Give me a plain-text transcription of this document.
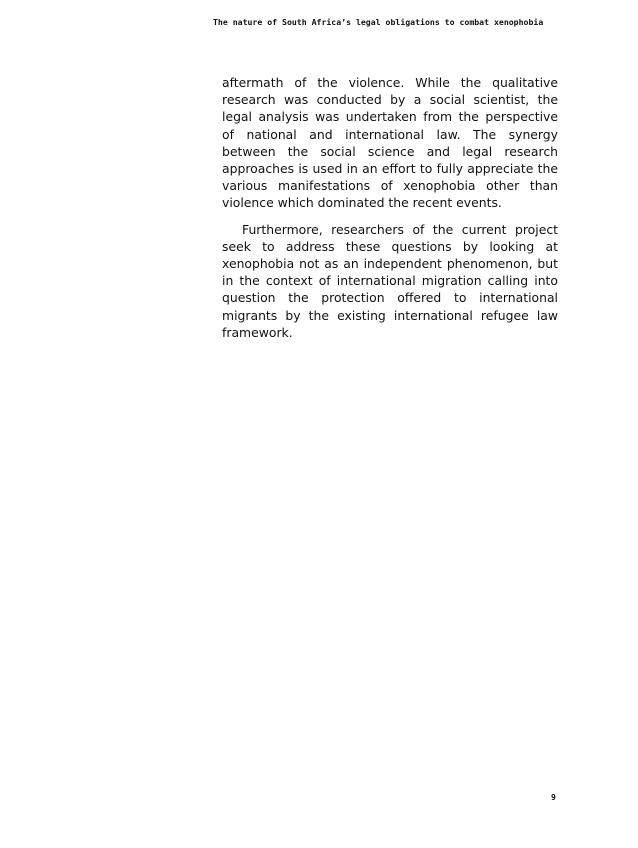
The nature of South Africa’s legal obligations to combat xenophobia

aftermath of the violence. While the qualitative research was conducted by a social scientist, the legal analysis was undertaken from the perspective of national and international law. The synergy between the social science and legal research approaches is used in an effort to fully appreciate the various manifestations of xenophobia other than violence which dominated the recent events.

Furthermore, researchers of the current project seek to address these questions by looking at xenophobia not as an independent phenomenon, but in the context of international migration calling into question the protection offered to international migrants by the existing international refugee law framework.

9
